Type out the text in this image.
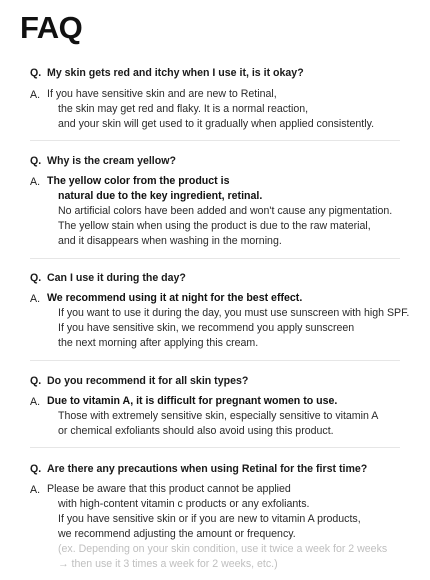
FAQ
Q. My skin gets red and itchy when I use it, is it okay?
A. If you have sensitive skin and are new to Retinal,
the skin may get red and flaky. It is a normal reaction,
and your skin will get used to it gradually when applied consistently.
Q. Why is the cream yellow?
A. The yellow color from the product is
natural due to the key ingredient, retinal.
No artificial colors have been added and won't cause any pigmentation.
The yellow stain when using the product is due to the raw material,
and it disappears when washing in the morning.
Q. Can I use it during the day?
A. We recommend using it at night for the best effect.
If you want to use it during the day, you must use sunscreen with high SPF.
If you have sensitive skin, we recommend you apply sunscreen
the next morning after applying this cream.
Q. Do you recommend it for all skin types?
A. Due to vitamin A, it is difficult for pregnant women to use.
Those with extremely sensitive skin, especially sensitive to vitamin A
or chemical exfoliants should also avoid using this product.
Q. Are there any precautions when using Retinal for the first time?
A. Please be aware that this product cannot be applied
with high-content vitamin c products or any exfoliants.
If you have sensitive skin or if you are new to vitamin A products,
we recommend adjusting the amount or frequency.
(ex. Depending on your skin condition, use it twice a week for 2 weeks
→ then use it 3 times a week for 2 weeks, etc.)
